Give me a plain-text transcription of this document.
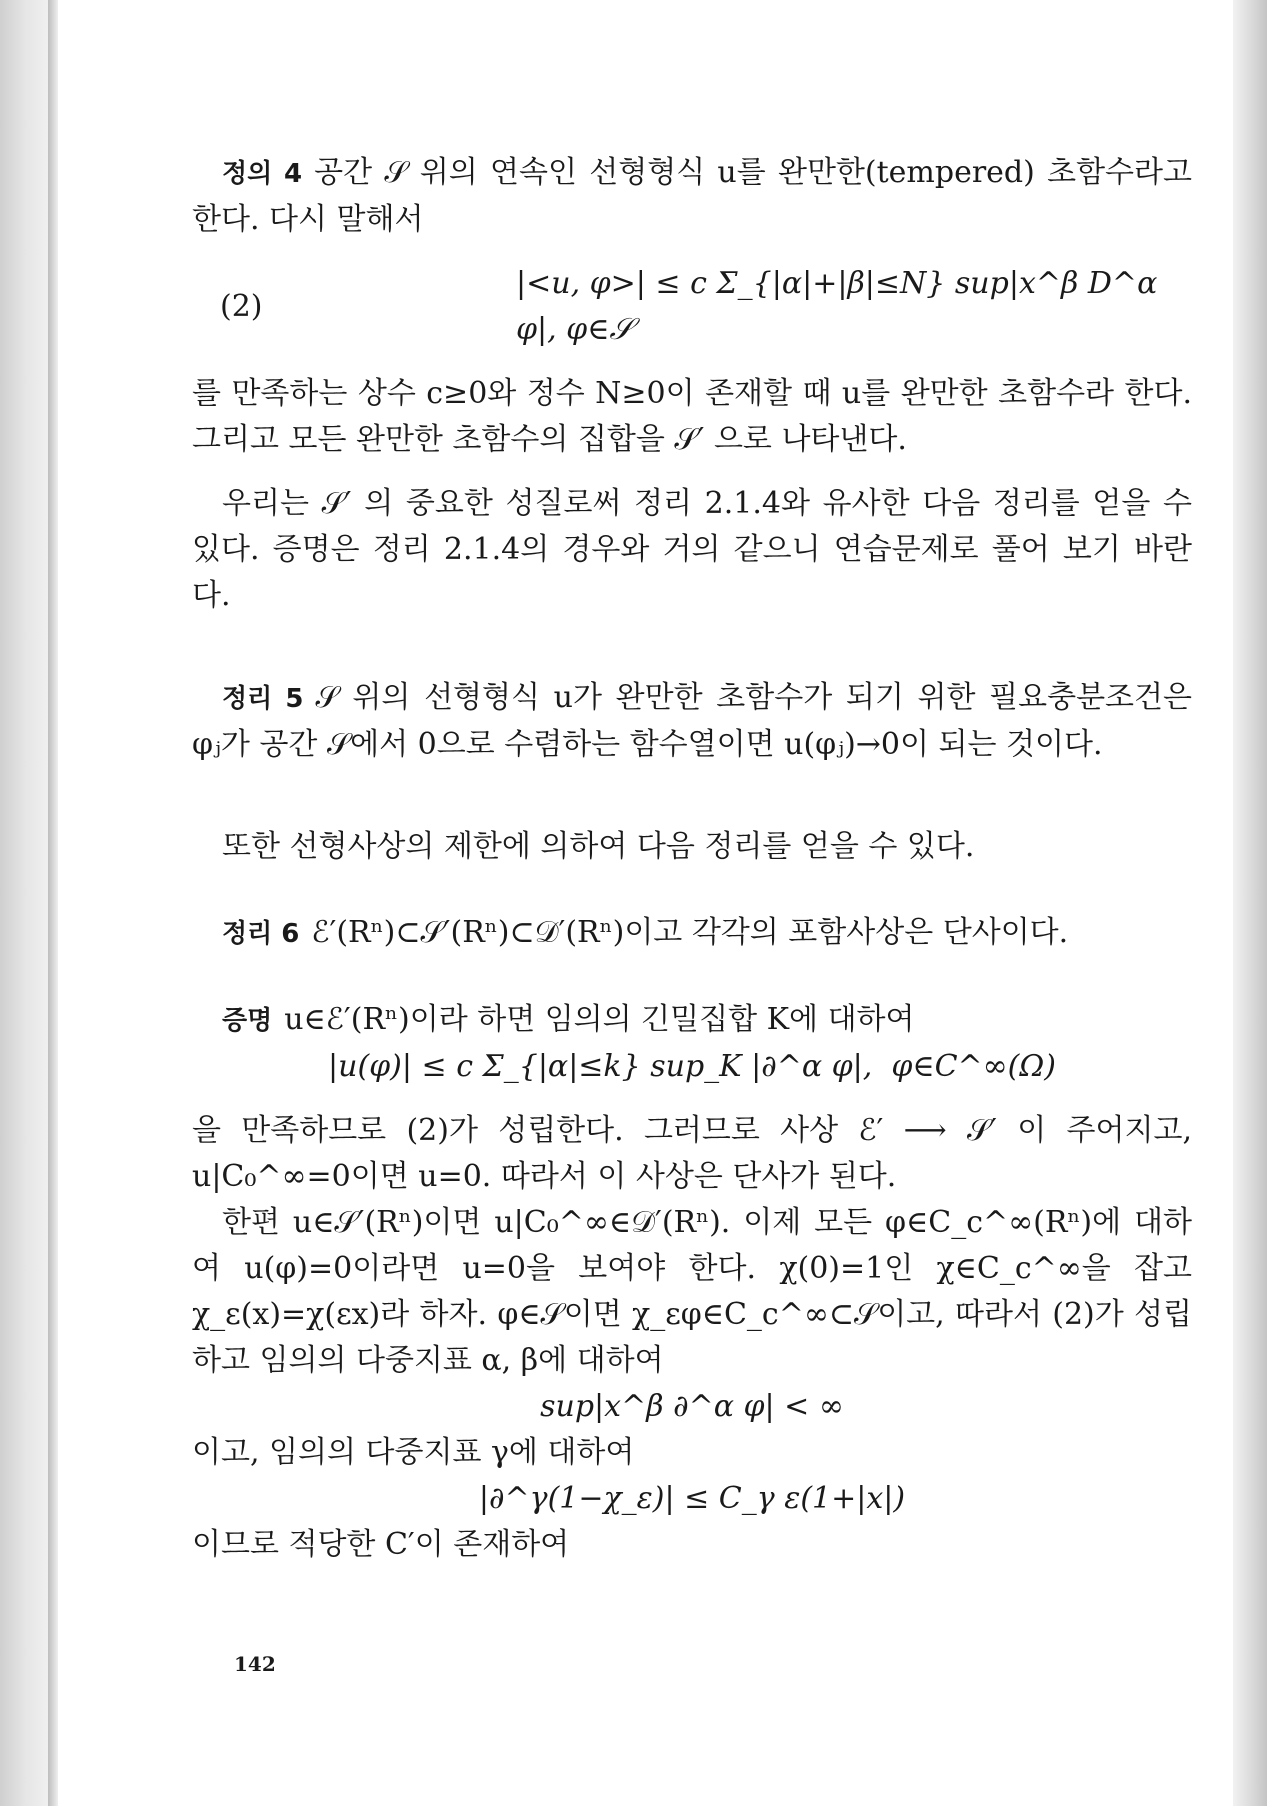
정의 4 공간 𝒮 위의 연속인 선형형식 u를 완만한(tempered) 초함수라고 한다. 다시 말해서

(2)
|<u, φ>| ≤ c Σ_{|α|+|β|≤N} sup|x^β D^α φ|, φ∈𝒮

를 만족하는 상수 c≥0와 정수 N≥0이 존재할 때 u를 완만한 초함수라 한다. 그리고 모든 완만한 초함수의 집합을 𝒮′ 으로 나타낸다.

우리는 𝒮′ 의 중요한 성질로써 정리 2.1.4와 유사한 다음 정리를 얻을 수 있다. 증명은 정리 2.1.4의 경우와 거의 같으니 연습문제로 풀어 보기 바란다.

정리 5 𝒮 위의 선형형식 u가 완만한 초함수가 되기 위한 필요충분조건은 φⱼ가 공간 𝒮에서 0으로 수렴하는 함수열이면 u(φⱼ)→0이 되는 것이다.

또한 선형사상의 제한에 의하여 다음 정리를 얻을 수 있다.

정리 6 ℰ′(Rⁿ)⊂𝒮′(Rⁿ)⊂𝒟′(Rⁿ)이고 각각의 포함사상은 단사이다.

증명 u∈ℰ′(Rⁿ)이라 하면 임의의 긴밀집합 K에 대하여

|u(φ)| ≤ c Σ_{|α|≤k} sup_K |∂^α φ|,  φ∈C^∞(Ω)

을 만족하므로 (2)가 성립한다. 그러므로 사상 ℰ′ ⟶ 𝒮′ 이 주어지고, u|C₀^∞=0이면 u=0. 따라서 이 사상은 단사가 된다.

한편 u∈𝒮′(Rⁿ)이면 u|C₀^∞∈𝒟′(Rⁿ). 이제 모든 φ∈C_c^∞(Rⁿ)에 대하여 u(φ)=0이라면 u=0을 보여야 한다. χ(0)=1인 χ∈C_c^∞을 잡고 χ_ε(x)=χ(εx)라 하자. φ∈𝒮이면 χ_εφ∈C_c^∞⊂𝒮이고, 따라서 (2)가 성립하고 임의의 다중지표 α, β에 대하여

sup|x^β ∂^α φ| < ∞

이고, 임의의 다중지표 γ에 대하여

|∂^γ(1−χ_ε)| ≤ C_γ ε(1+|x|)

이므로 적당한 C′이 존재하여

142
